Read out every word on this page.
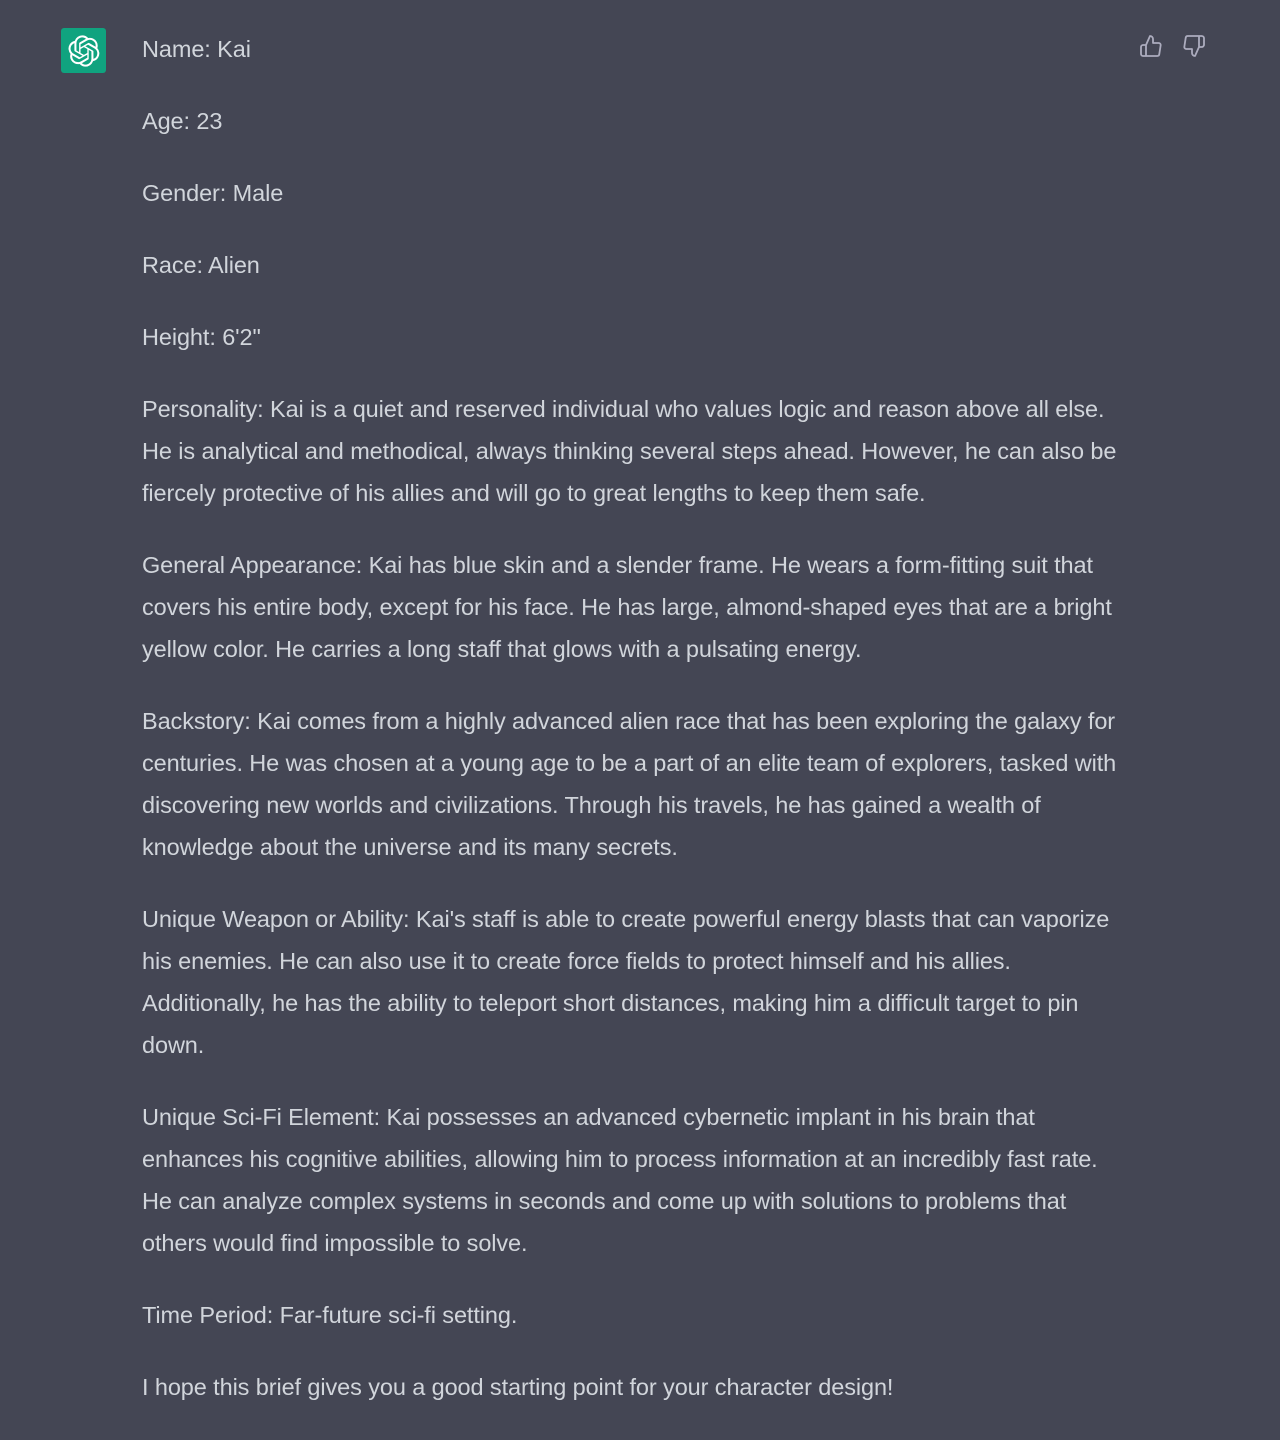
Name: Kai

Age: 23

Gender: Male

Race: Alien

Height: 6'2"

Personality: Kai is a quiet and reserved individual who values logic and reason above all else. He is analytical and methodical, always thinking several steps ahead. However, he can also be fiercely protective of his allies and will go to great lengths to keep them safe.

General Appearance: Kai has blue skin and a slender frame. He wears a form-fitting suit that covers his entire body, except for his face. He has large, almond-shaped eyes that are a bright yellow color. He carries a long staff that glows with a pulsating energy.

Backstory: Kai comes from a highly advanced alien race that has been exploring the galaxy for centuries. He was chosen at a young age to be a part of an elite team of explorers, tasked with discovering new worlds and civilizations. Through his travels, he has gained a wealth of knowledge about the universe and its many secrets.

Unique Weapon or Ability: Kai's staff is able to create powerful energy blasts that can vaporize his enemies. He can also use it to create force fields to protect himself and his allies. Additionally, he has the ability to teleport short distances, making him a difficult target to pin down.

Unique Sci-Fi Element: Kai possesses an advanced cybernetic implant in his brain that enhances his cognitive abilities, allowing him to process information at an incredibly fast rate. He can analyze complex systems in seconds and come up with solutions to problems that others would find impossible to solve.

Time Period: Far-future sci-fi setting.

I hope this brief gives you a good starting point for your character design!
